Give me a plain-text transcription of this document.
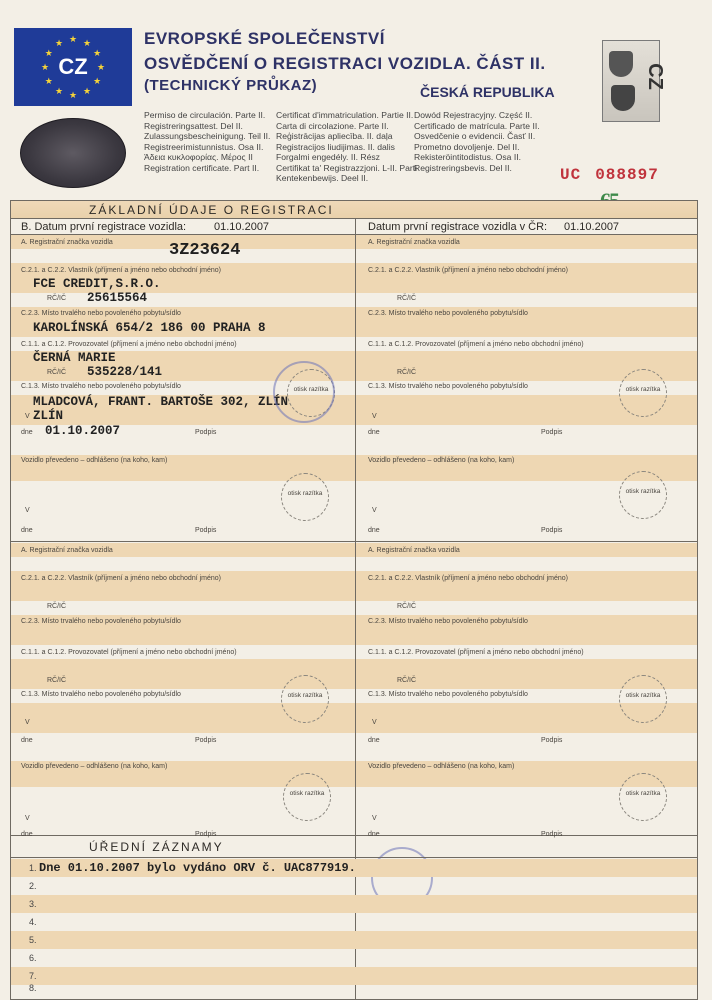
★ ★
★
★
★
★
★
★
★
★
★
★
CZ
EVROPSKÉ SPOLEČENSTVÍ
OSVĚDČENÍ O REGISTRACI VOZIDLA. ČÁST II.
(TECHNICKÝ PRŮKAZ)	ČESKÁ REPUBLIKA
Permiso de circulación. Parte II.
Registreringsattest. Del II.
Zulassungsbescheinigung. Teil II.
Registreerimistunnistus. Osa II.
Άδεια κυκλοφορίας. Μέρος ΙΙ
Registration certificate. Part II.
Certificat d'immatriculation. Partie II.
Carta di circolazione. Parte II.
Reģistrācijas apliecība. II. daļa
Registracijos liudijimas. II. dalis
Forgalmi engedély. II. Rész
Certifikat ta' Registrazzjoni. L-II. Parti
Kentekenbewijs. Deel II.
Dowód Rejestracyjny. Część II.
Certificado de matrícula. Parte II.
Osvedčenie o evidencii. Časť II.
Prometno dovoljenje. Del II.
Rekisteröintitodistus. Osa II.
Registreringsbevis. Del II.
CZ
UC 088897
ZÁKLADNÍ ÚDAJE O REGISTRACI
B. Datum první registrace vozidla:	01.10.2007	Datum první registrace vozidla v ČR: 01.10.2007
A. Registrační značka vozidla	3Z23624
C.2.1. a C.2.2. Vlastník (příjmení a jméno nebo obchodní jméno)
FCE CREDIT,S.R.O.
RČ/IČ 25615564
C.2.3. Místo trvalého nebo povoleného pobytu/sídlo
KAROLÍNSKÁ 654/2 186 00 PRAHA 8
C.1.1. a C.1.2. Provozovatel (příjmení a jméno nebo obchodní jméno)
ČERNÁ MARIE
RČ/IČ 535228/141
C.1.3. Místo trvalého nebo povoleného pobytu/sídlo
MLADCOVÁ, FRANT. BARTOŠE 302, ZLÍN
V ZLÍN
dne 01.10.2007	Podpis
otisk razítka
Vozidlo převedeno – odhlášeno (na koho, kam)
V
dne	Podpis
otisk razítka
A. Registrační značka vozidla
C.2.1. a C.2.2. Vlastník (příjmení a jméno nebo obchodní jméno)
RČ/IČ
C.2.3. Místo trvalého nebo povoleného pobytu/sídlo
C.1.1. a C.1.2. Provozovatel (příjmení a jméno nebo obchodní jméno)
RČ/IČ
C.1.3. Místo trvalého nebo povoleného pobytu/sídlo
V
dne	Podpis
otisk razítka
Vozidlo převedeno – odhlášeno (na koho, kam)
V
dne	Podpis
otisk razítka
A. Registrační značka vozidla
C.2.1. a C.2.2. Vlastník (příjmení a jméno nebo obchodní jméno)
RČ/IČ
C.2.3. Místo trvalého nebo povoleného pobytu/sídlo
C.1.1. a C.1.2. Provozovatel (příjmení a jméno nebo obchodní jméno)
RČ/IČ
C.1.3. Místo trvalého nebo povoleného pobytu/sídlo
V
dne	Podpis
otisk razítka
Vozidlo převedeno – odhlášeno (na koho, kam)
V
dne	Podpis
otisk razítka
A. Registrační značka vozidla
C.2.1. a C.2.2. Vlastník (příjmení a jméno nebo obchodní jméno)
RČ/IČ
C.2.3. Místo trvalého nebo povoleného pobytu/sídlo
C.1.1. a C.1.2. Provozovatel (příjmení a jméno nebo obchodní jméno)
RČ/IČ
C.1.3. Místo trvalého nebo povoleného pobytu/sídlo
V
dne	Podpis
otisk razítka
Vozidlo převedeno – odhlášeno (na koho, kam)
V
dne	Podpis
otisk razítka
ÚŘEDNÍ ZÁZNAMY
1. Dne 01.10.2007 bylo vydáno ORV č. UAC877919.
2.
3.
4.
5.
6.
7.
8.
